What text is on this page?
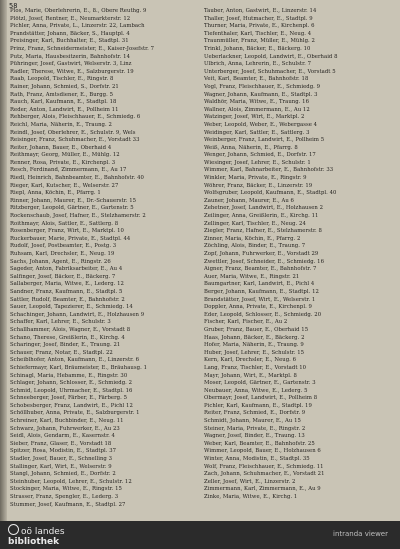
58
Plos, Marie, Oberlehrerin, E., 8., Obere Reuthg. 9
Plötzl, Josef, Rentner, E., Neumarkterstr. 12
Pichler, Anna, Private, L., Linzerstr. 22, Lambach
Prandstätter, Johann, Bäcker, S., Hauptpl. 4
Preisinger, Karl, Buchhalter, E., Stadtpl. 31
Prinz, Franz, Schneidermeister, E., Kaiser-Josefstr. 7
Putz, Maria, Hausbesitzerin, Bahnhofstr. 14
Pühringer, Josef, Gastwirt, Welserstr. 3, Linz
Radler, Therese, Witwe, E., Salzburgerstr. 19
Raab, Leopold, Tischler, E., Ringstr. 8
Rainer, Johann, Schmied, S., Dorfstr. 21
Rath, Franz, Amtsdiener, E., Burgg. 5
Rauch, Karl, Kaufmann, E., Stadtpl. 18
Reder, Anton, Landwirt, E., Pollheim 11
Rehberger, Alois, Fleischhauer, E., Schmiedg. 6
Reichl, Maria, Näherin, E., Traung. 2
Reindl, Josef, Oberlehrer, E., Schulstr. 9, Wels
Reisinger, Franz, Schuhmacher, E., Vorstadt 33
Reiter, Johann, Bauer, E., Oberhaid 4
Reithmayr, Georg, Müller, E., Mühlg. 12
Renner, Rosa, Private, E., Kirchenpl. 3
Resch, Ferdinand, Zimmermann, E., Au 17
Riedl, Heinrich, Bahnbeamter, E., Bahnhofstr. 40
Rieger, Karl, Kutscher, E., Welserstr. 27
Riepl, Anna, Köchin, E., Pfarrg. 1
Rinner, Johann, Maurer, E., Dr.-Schauerstr. 15
Ritzberger, Leopold, Gärtner, E., Gartenstr. 5
Rockenschaub, Josef, Hafner, E., Stelzhamerstr. 2
Roithmayr, Alois, Sattler, E., Sattlerg. 8
Rosenberger, Franz, Wirt, E., Marktpl. 10
Ruckerbauer, Marie, Private, E., Stadtpl. 44
Rudolf, Josef, Postbeamter, E., Postg. 3
Ruhsam, Karl, Drechsler, E., Neug. 19
Sachs, Johann, Agent, E., Ringstr. 26
Sageder, Anton, Fabriksarbeiter, E., Au 4
Salfinger, Josef, Bäcker, E., Bäckerg. 7
Sallaberger, Maria, Witwe, E., Lederg. 12
Sandner, Franz, Kaufmann, E., Stadtpl. 5
Sattler, Rudolf, Beamter, E., Bahnhofstr. 2
Sauer, Leopold, Tapezierer, E., Schmiedg. 14
Schachinger, Johann, Landwirt, E., Holzhausen 9
Schaffer, Karl, Lehrer, E., Schulstr. 3
Schallhammer, Alois, Wagner, E., Vorstadt 8
Schano, Therese, Greißlerin, E., Kirchg. 4
Scharinger, Josef, Binder, E., Traung. 21
Schauer, Franz, Notar, E., Stadtpl. 22
Scheiblhofer, Anton, Kaufmann, E., Linzerstr. 6
Schiefermayr, Karl, Bräumeister, E., Bräuhausg. 1
Schinagl, Maria, Hebamme, E., Ringstr. 30
Schlager, Johann, Schlosser, E., Schmiedg. 2
Schmid, Leopold, Uhrmacher, E., Stadtpl. 16
Schneeberger, Josef, Färber, E., Färberg. 5
Schobesberger, Franz, Landwirt, E., Pichl 12
Schöllhuber, Anna, Private, E., Salzburgerstr. 1
Schreiner, Karl, Buchbinder, E., Neug. 11
Schwarz, Johann, Fuhrwerker, E., Au 23
Seidl, Alois, Gendarm, E., Kasernstr. 4
Sieber, Franz, Glaser, E., Vorstadt 18
Spitzer, Rosa, Modistin, E., Stadtpl. 37
Stadler, Josef, Bauer, E., Schnelling 3
Stallinger, Karl, Wirt, E., Welserstr. 9
Stangl, Johann, Schmied, E., Dorfstr. 2
Steinhuber, Leopold, Lehrer, E., Schulstr. 12
Stockinger, Maria, Witwe, E., Ringstr. 15
Strasser, Franz, Spengler, E., Lederg. 3
Stummer, Josef, Kaufmann, E., Stadtpl. 27
Tauber, Anton, Gastwirt, E., Linzerstr. 14
Thaller, Josef, Hutmacher, E., Stadtpl. 9
Thurner, Maria, Private, E., Kirchenpl. 6
Tiefenthaler, Karl, Tischler, E., Neug. 4
Traunmüller, Franz, Müller, E., Mühlg. 2
Trinkl, Johann, Bäcker, E., Bäckerg. 10
Ueberlackner, Leopold, Landwirt, E., Oberhaid 8
Ulbrich, Anna, Lehrerin, E., Schulstr. 7
Unterberger, Josef, Schuhmacher, E., Vorstadt 5
Veit, Karl, Beamter, E., Bahnhofstr. 18
Vogl, Franz, Fleischhauer, E., Schmiedg. 9
Wagner, Johann, Kaufmann, E., Stadtpl. 3
Waldhör, Maria, Witwe, E., Traung. 16
Wallner, Alois, Zimmermann, E., Au 12
Watzinger, Josef, Wirt, E., Marktpl. 2
Weber, Leopold, Weber, E., Webergasse 4
Weidinger, Karl, Sattler, E., Sattlerg. 3
Weinberger, Franz, Landwirt, E., Pollheim 5
Weiß, Anna, Näherin, E., Pfarrg. 8
Wenger, Johann, Schmied, E., Dorfstr. 17
Wiesinger, Josef, Lehrer, E., Schulstr. 1
Wimmer, Karl, Bahnarbeiter, E., Bahnhofstr. 33
Winkler, Maria, Private, E., Ringstr. 9
Wöhrer, Franz, Bäcker, E., Linzerstr. 19
Wolfsgruber, Leopold, Kaufmann, E., Stadtpl. 40
Zauner, Johann, Maurer, E., Au 6
Zehetner, Josef, Landwirt, E., Holzhausen 2
Zeilinger, Anna, Greißlerin, E., Kirchg. 11
Zellinger, Karl, Tischler, E., Neug. 24
Ziegler, Franz, Hafner, E., Stelzhamerstr. 8
Zinner, Maria, Köchin, E., Pfarrg. 2
Zöchling, Alois, Binder, E., Traung. 7
Zopf, Johann, Fuhrwerker, E., Vorstadt 29
Zwettler, Josef, Schneider, E., Schmiedg. 16
Aigner, Franz, Beamter, E., Bahnhofstr. 7
Auer, Maria, Witwe, E., Ringstr. 21
Baumgartner, Karl, Landwirt, E., Pichl 4
Berger, Johann, Kaufmann, E., Stadtpl. 12
Brandstätter, Josef, Wirt, E., Welserstr. 1
Doppler, Anna, Private, E., Kirchenpl. 9
Eder, Leopold, Schlosser, E., Schmiedg. 20
Fischer, Karl, Fischer, E., Au 2
Gruber, Franz, Bauer, E., Oberhaid 15
Haas, Johann, Bäcker, E., Bäckerg. 2
Hofer, Maria, Näherin, E., Traung. 9
Huber, Josef, Lehrer, E., Schulstr. 15
Kern, Karl, Drechsler, E., Neug. 6
Lang, Franz, Tischler, E., Vorstadt 10
Mayr, Johann, Wirt, E., Marktpl. 8
Moser, Leopold, Gärtner, E., Gartenstr. 3
Neubauer, Anna, Witwe, E., Lederg. 5
Obermayr, Josef, Landwirt, E., Pollheim 8
Pichler, Karl, Kaufmann, E., Stadtpl. 19
Reiter, Franz, Schmied, E., Dorfstr. 9
Schmidt, Johann, Maurer, E., Au 15
Steiner, Maria, Private, E., Ringstr. 2
Wagner, Josef, Binder, E., Traung. 13
Weber, Karl, Beamter, E., Bahnhofstr. 25
Wimmer, Leopold, Bauer, E., Holzhausen 6
Winter, Anna, Modistin, E., Stadtpl. 35
Wolf, Franz, Fleischhauer, E., Schmiedg. 11
Zach, Johann, Schuhmacher, E., Vorstadt 21
Zeller, Josef, Wirt, E., Linzerstr. 2
Zimmermann, Karl, Zimmermann, E., Au 9
Zinke, Maria, Witwe, E., Kirchg. 1
oö landes
bibliothek
intranda viewer
